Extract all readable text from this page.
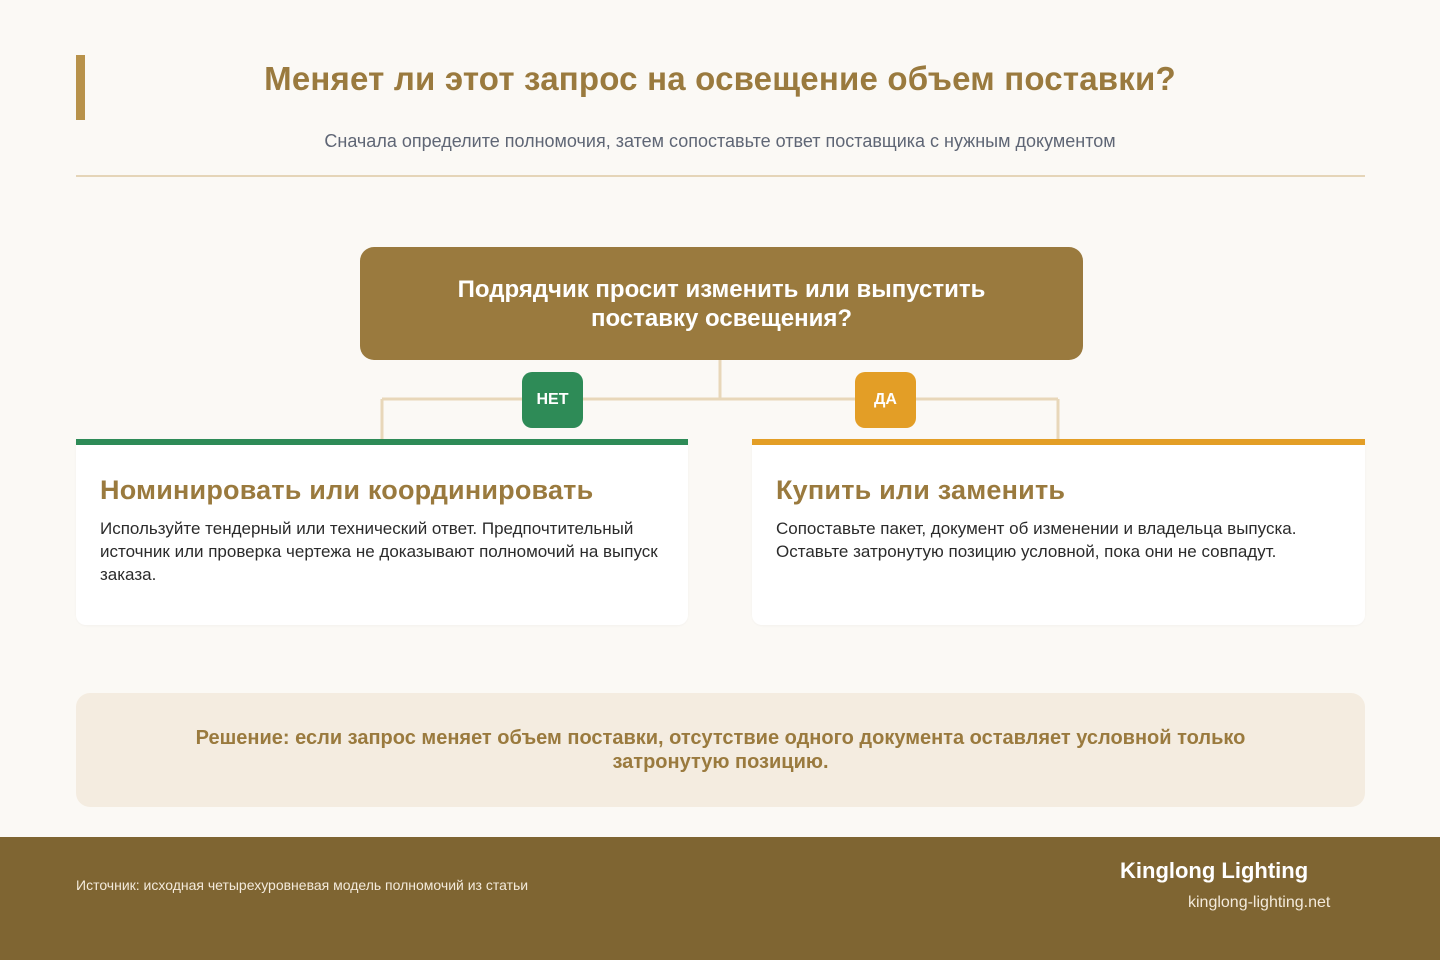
Меняет ли этот запрос на освещение объем поставки?
Сначала определите полномочия, затем сопоставьте ответ поставщика с нужным документом
Подрядчик просит изменить или выпустить поставку освещения?
НЕТ	ДА
Номинировать или координировать

Используйте тендерный или технический ответ. Предпочтительный источник или проверка чертежа не доказывают полномочий на выпуск заказа.

Купить или заменить

Сопоставьте пакет, документ об изменении и владельца выпуска. Оставьте затронутую позицию условной, пока они не совпадут.

Решение: если запрос меняет объем поставки, отсутствие одного документа оставляет условной только затронутую позицию.
Источник: исходная четырехуровневая модель полномочий из статьи
Kinglong Lighting
kinglong-lighting.net
